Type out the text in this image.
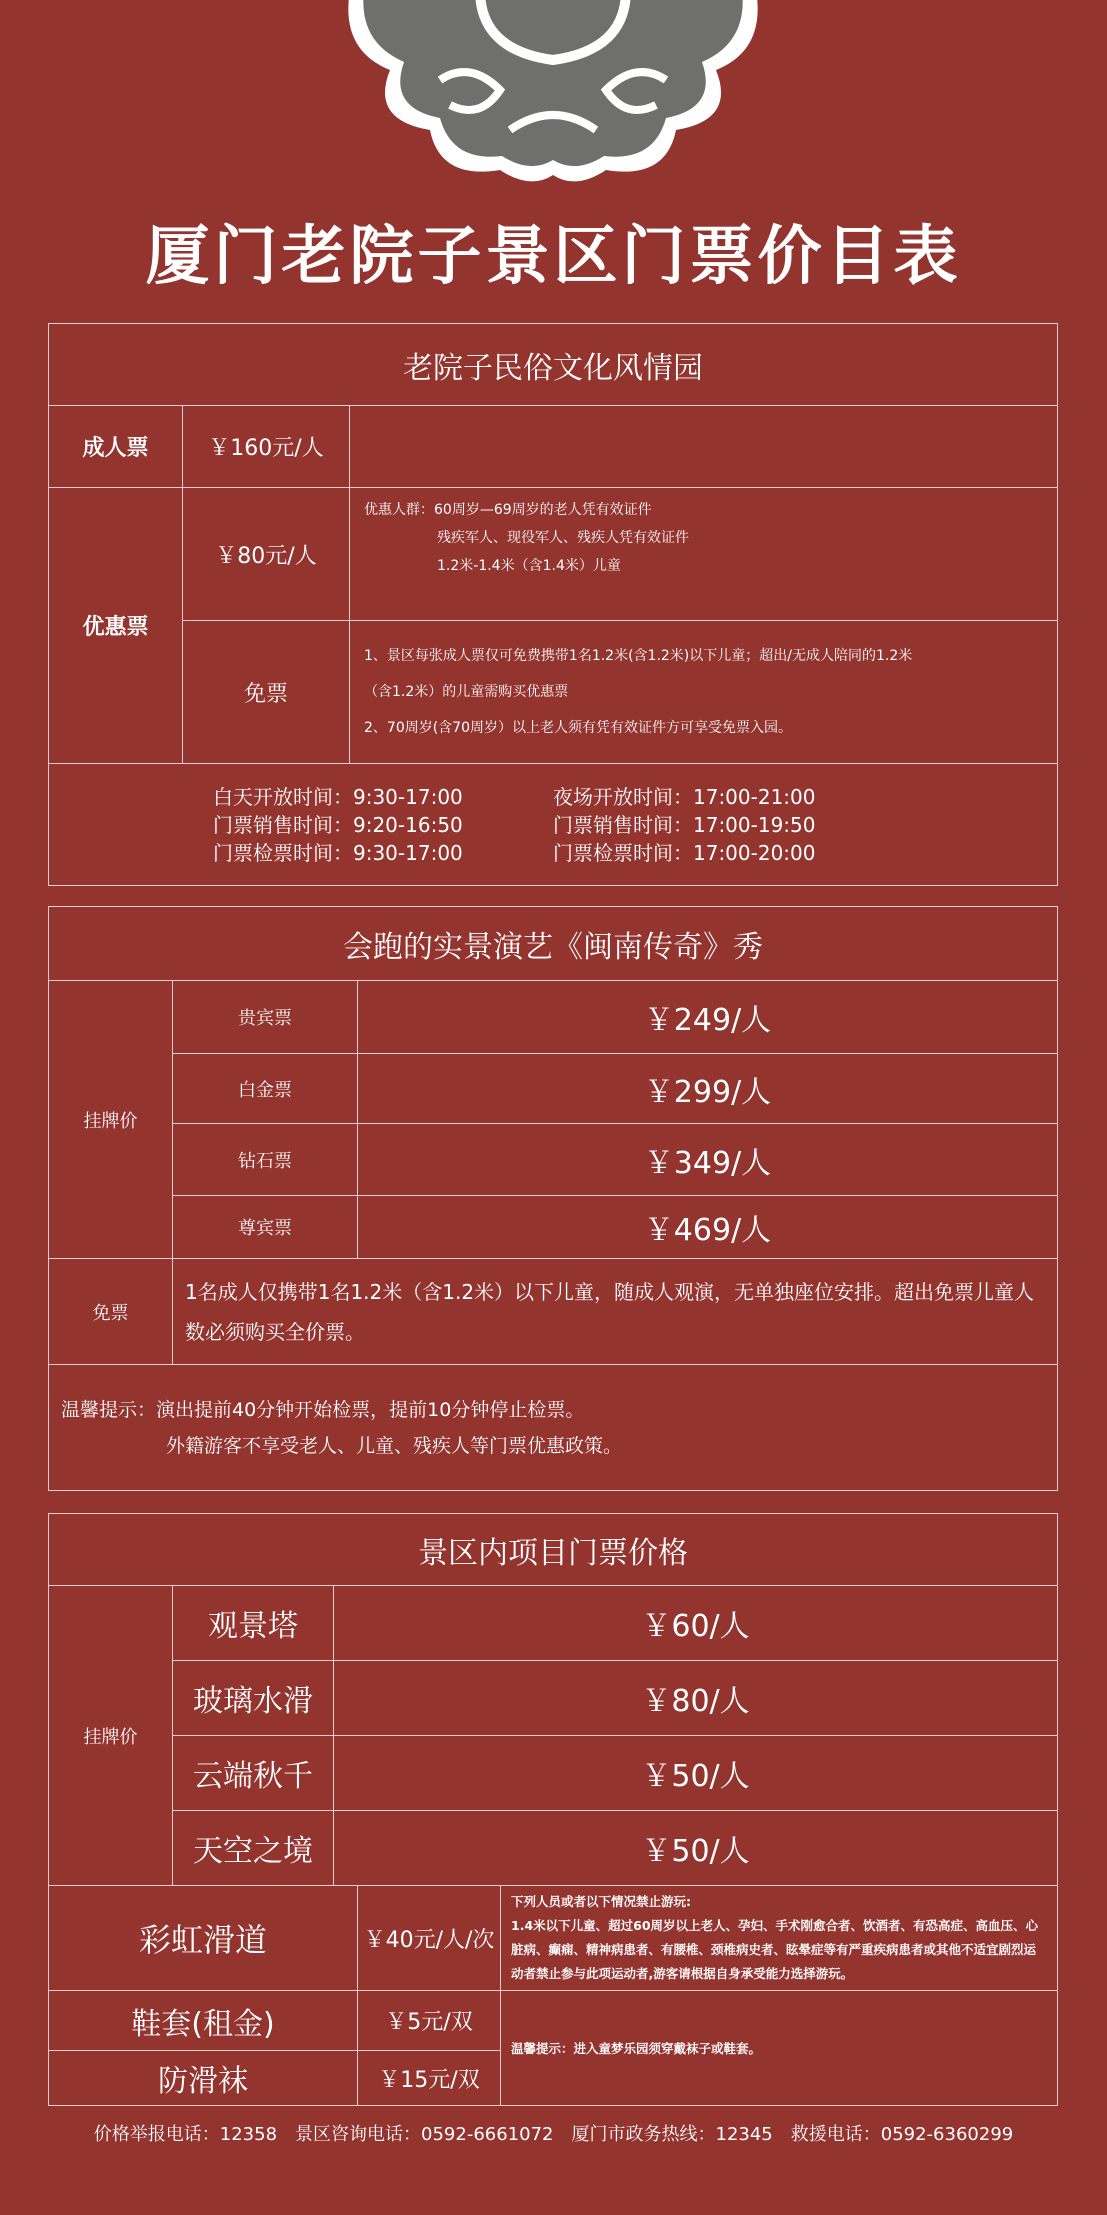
厦门老院子景区门票价目表
老院子民俗文化风情园		
成人票	￥160元/人	
优惠票	￥80元/人	优惠人群：60周岁—69周岁的老人凭有效证件
残疾军人、现役军人、残疾人凭有效证件
1.2米-1.4米（含1.4米）儿童

	免票	1、景区每张成人票仅可免费携带1名1.2米(含1.2米)以下儿童；超出/无成人陪同的1.2米
（含1.2米）的儿童需购买优惠票
2、70周岁(含70周岁）以上老人须有凭有效证件方可享受免票入园。

白天开放时间：9:30-17:00 夜场开放时间：17:00-21:00
门票销售时间：9:20-16:50 门票销售时间：17:00-19:50
门票检票时间：9:30-17:00 门票检票时间：17:00-20:00		
会跑的实景演艺《闽南传奇》秀		
挂牌价	贵宾票	￥249/人
	白金票	￥299/人
	钻石票	￥349/人
	尊宾票	￥469/人
免票	1名成人仅携带1名1.2米（含1.2米）以下儿童，随成人观演，无单独座位安排。超出免票儿童人数必须购买全价票。	

温馨提示：演出提前40分钟开始检票，提前10分钟停止检票。
外籍游客不享受老人、儿童、残疾人等门票优惠政策。		
景区内项目门票价格				
挂牌价	观景塔	￥60/人		
	玻璃水滑	￥80/人		
	云端秋千	￥50/人		
	天空之境	￥50/人		
彩虹滑道			￥40元/人/次	下列人员或者以下情况禁止游玩:
1.4米以下儿童、超过60周岁以上老人、孕妇、手术刚愈合者、饮酒者、有恐高症、高血压、心脏病、癫痫、精神病患者、有腰椎、颈椎病史者、眩晕症等有严重疾病患者或其他不适宜剧烈运动者禁止参与此项运动者,游客请根据自身承受能力选择游玩。

鞋套(租金)			￥5元/双	温馨提示：进入童梦乐园须穿戴袜子或鞋套。
防滑袜			￥15元/双	
价格举报电话：12358　景区咨询电话：0592-6661072　厦门市政务热线：12345　救援电话：0592-6360299
